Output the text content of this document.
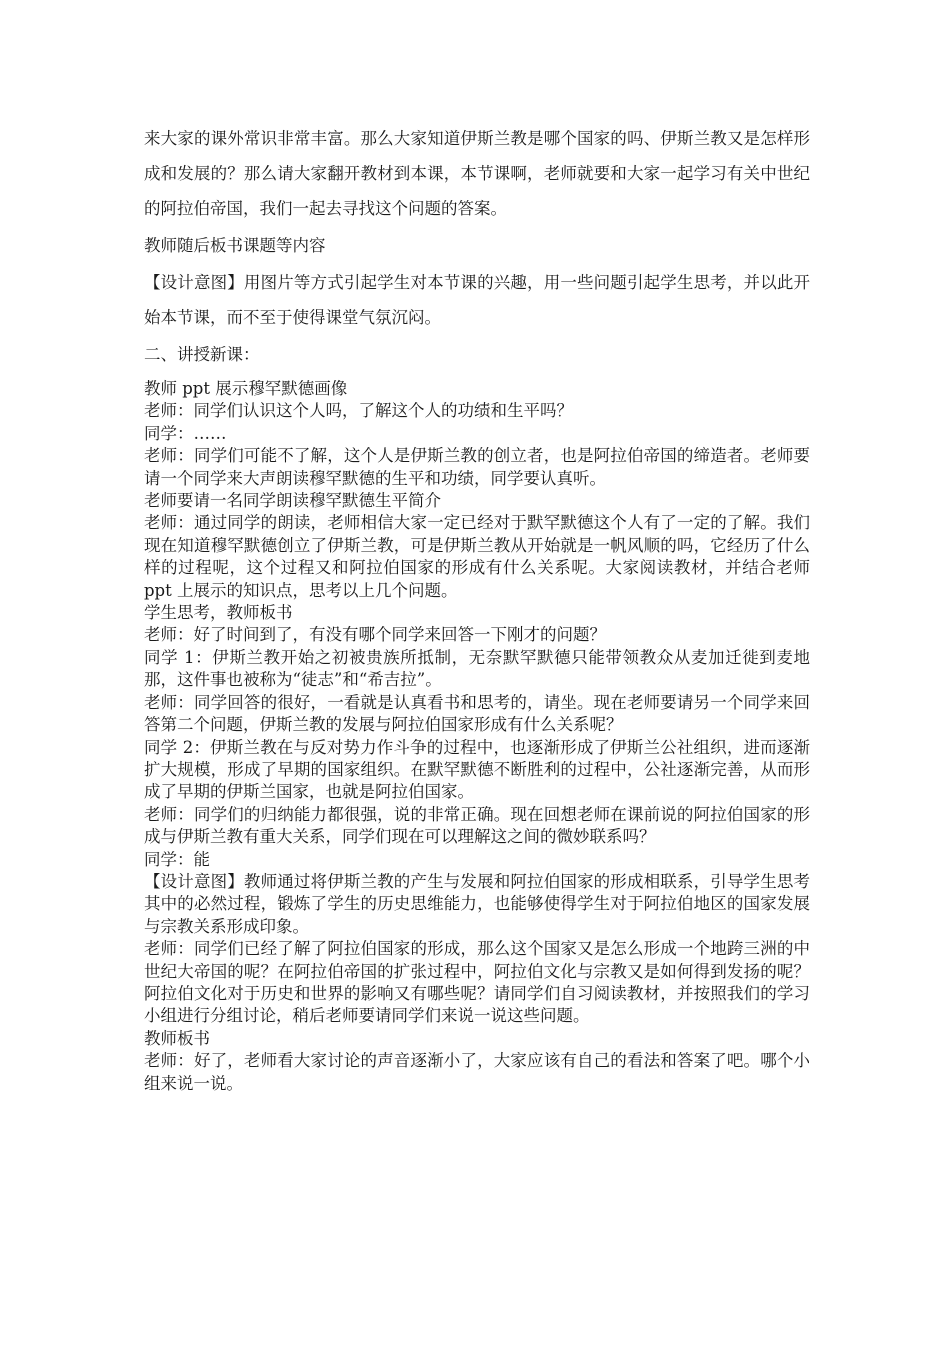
来大家的课外常识非常丰富。那么大家知道伊斯兰教是哪个国家的吗、伊斯兰教又是怎样形成和发展的？那么请大家翻开教材到本课，本节课啊，老师就要和大家一起学习有关中世纪的阿拉伯帝国，我们一起去寻找这个问题的答案。

教师随后板书课题等内容

【设计意图】用图片等方式引起学生对本节课的兴趣，用一些问题引起学生思考，并以此开始本节课，而不至于使得课堂气氛沉闷。

二、讲授新课：

教师 ppt 展示穆罕默德画像

老师：同学们认识这个人吗，了解这个人的功绩和生平吗？

同学：……

老师：同学们可能不了解，这个人是伊斯兰教的创立者，也是阿拉伯帝国的缔造者。老师要请一个同学来大声朗读穆罕默德的生平和功绩，同学要认真听。

老师要请一名同学朗读穆罕默德生平简介

老师：通过同学的朗读，老师相信大家一定已经对于默罕默德这个人有了一定的了解。我们现在知道穆罕默德创立了伊斯兰教，可是伊斯兰教从开始就是一帆风顺的吗，它经历了什么样的过程呢，这个过程又和阿拉伯国家的形成有什么关系呢。大家阅读教材，并结合老师 ppt 上展示的知识点，思考以上几个问题。

学生思考，教师板书

老师：好了时间到了，有没有哪个同学来回答一下刚才的问题？

同学 1：伊斯兰教开始之初被贵族所抵制，无奈默罕默德只能带领教众从麦加迁徙到麦地那，这件事也被称为“徒志”和“希吉拉”。

老师：同学回答的很好，一看就是认真看书和思考的，请坐。现在老师要请另一个同学来回答第二个问题，伊斯兰教的发展与阿拉伯国家形成有什么关系呢？

同学 2：伊斯兰教在与反对势力作斗争的过程中，也逐渐形成了伊斯兰公社组织，进而逐渐扩大规模，形成了早期的国家组织。在默罕默德不断胜利的过程中，公社逐渐完善，从而形成了早期的伊斯兰国家，也就是阿拉伯国家。

老师：同学们的归纳能力都很强，说的非常正确。现在回想老师在课前说的阿拉伯国家的形成与伊斯兰教有重大关系，同学们现在可以理解这之间的微妙联系吗？

同学：能

【设计意图】教师通过将伊斯兰教的产生与发展和阿拉伯国家的形成相联系，引导学生思考其中的必然过程，锻炼了学生的历史思维能力，也能够使得学生对于阿拉伯地区的国家发展与宗教关系形成印象。

老师：同学们已经了解了阿拉伯国家的形成，那么这个国家又是怎么形成一个地跨三洲的中世纪大帝国的呢？在阿拉伯帝国的扩张过程中，阿拉伯文化与宗教又是如何得到发扬的呢？阿拉伯文化对于历史和世界的影响又有哪些呢？请同学们自习阅读教材，并按照我们的学习小组进行分组讨论，稍后老师要请同学们来说一说这些问题。

教师板书

老师：好了，老师看大家讨论的声音逐渐小了，大家应该有自己的看法和答案了吧。哪个小组来说一说。
